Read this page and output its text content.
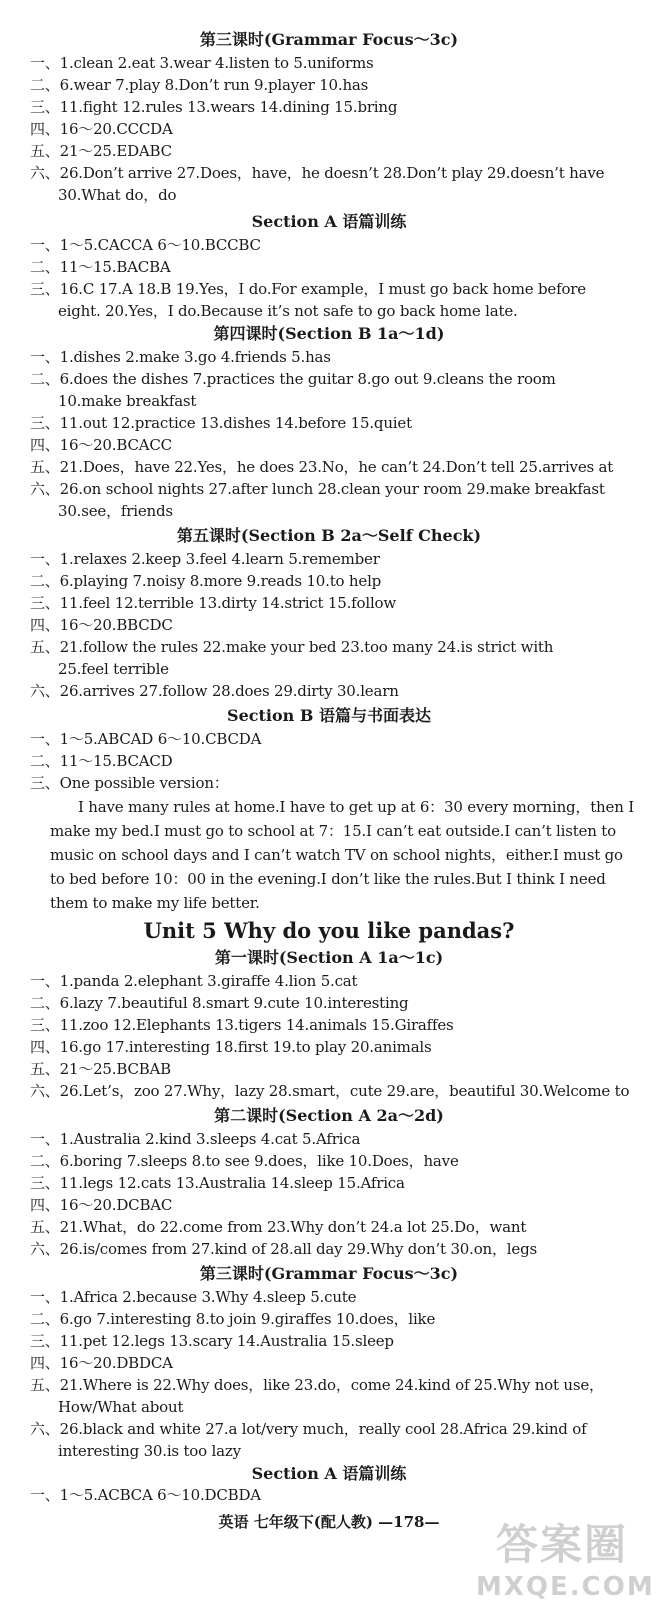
第三课时(Grammar Focus～3c)
一、1.clean 2.eat 3.wear 4.listen to 5.uniforms
二、6.wear 7.play 8.Don’t run 9.player 10.has
三、11.fight 12.rules 13.wears 14.dining 15.bring
四、16～20.CCCDA
五、21～25.EDABC
六、26.Don’t arrive 27.Does，have，he doesn’t 28.Don’t play 29.doesn’t have
30.What do，do
Section A 语篇训练
一、1～5.CACCA 6～10.BCCBC
二、11～15.BACBA
三、16.C 17.A 18.B 19.Yes，I do.For example，I must go back home before
eight. 20.Yes，I do.Because it’s not safe to go back home late.
第四课时(Section B 1a～1d)
一、1.dishes 2.make 3.go 4.friends 5.has
二、6.does the dishes 7.practices the guitar 8.go out 9.cleans the room
10.make breakfast
三、11.out 12.practice 13.dishes 14.before 15.quiet
四、16～20.BCACC
五、21.Does，have 22.Yes，he does 23.No，he can’t 24.Don’t tell 25.arrives at
六、26.on school nights 27.after lunch 28.clean your room 29.make breakfast
30.see，friends
第五课时(Section B 2a～Self Check)
一、1.relaxes 2.keep 3.feel 4.learn 5.remember
二、6.playing 7.noisy 8.more 9.reads 10.to help
三、11.feel 12.terrible 13.dirty 14.strict 15.follow
四、16～20.BBCDC
五、21.follow the rules 22.make your bed 23.too many 24.is strict with
25.feel terrible
六、26.arrives 27.follow 28.does 29.dirty 30.learn
Section B 语篇与书面表达
一、1～5.ABCAD 6～10.CBCDA
二、11～15.BCACD
三、One possible version：
I have many rules at home.I have to get up at 6：30 every morning，then I
make my bed.I must go to school at 7：15.I can’t eat outside.I can’t listen to
music on school days and I can’t watch TV on school nights，either.I must go
to bed before 10：00 in the evening.I don’t like the rules.But I think I need
them to make my life better.
Unit 5 Why do you like pandas?
第一课时(Section A 1a～1c)
一、1.panda 2.elephant 3.giraffe 4.lion 5.cat
二、6.lazy 7.beautiful 8.smart 9.cute 10.interesting
三、11.zoo 12.Elephants 13.tigers 14.animals 15.Giraffes
四、16.go 17.interesting 18.first 19.to play 20.animals
五、21～25.BCBAB
六、26.Let’s，zoo 27.Why，lazy 28.smart，cute 29.are，beautiful 30.Welcome to
第二课时(Section A 2a～2d)
一、1.Australia 2.kind 3.sleeps 4.cat 5.Africa
二、6.boring 7.sleeps 8.to see 9.does，like 10.Does，have
三、11.legs 12.cats 13.Australia 14.sleep 15.Africa
四、16～20.DCBAC
五、21.What，do 22.come from 23.Why don’t 24.a lot 25.Do，want
六、26.is/comes from 27.kind of 28.all day 29.Why don’t 30.on，legs
第三课时(Grammar Focus～3c)
一、1.Africa 2.because 3.Why 4.sleep 5.cute
二、6.go 7.interesting 8.to join 9.giraffes 10.does，like
三、11.pet 12.legs 13.scary 14.Australia 15.sleep
四、16～20.DBDCA
五、21.Where is 22.Why does，like 23.do，come 24.kind of 25.Why not use，
How/What about
六、26.black and white 27.a lot/very much，really cool 28.Africa 29.kind of
interesting 30.is too lazy
Section A 语篇训练
一、1～5.ACBCA 6～10.DCBDA
英语 七年级下(配人教) —178—	答案圈
MXQE.COM
